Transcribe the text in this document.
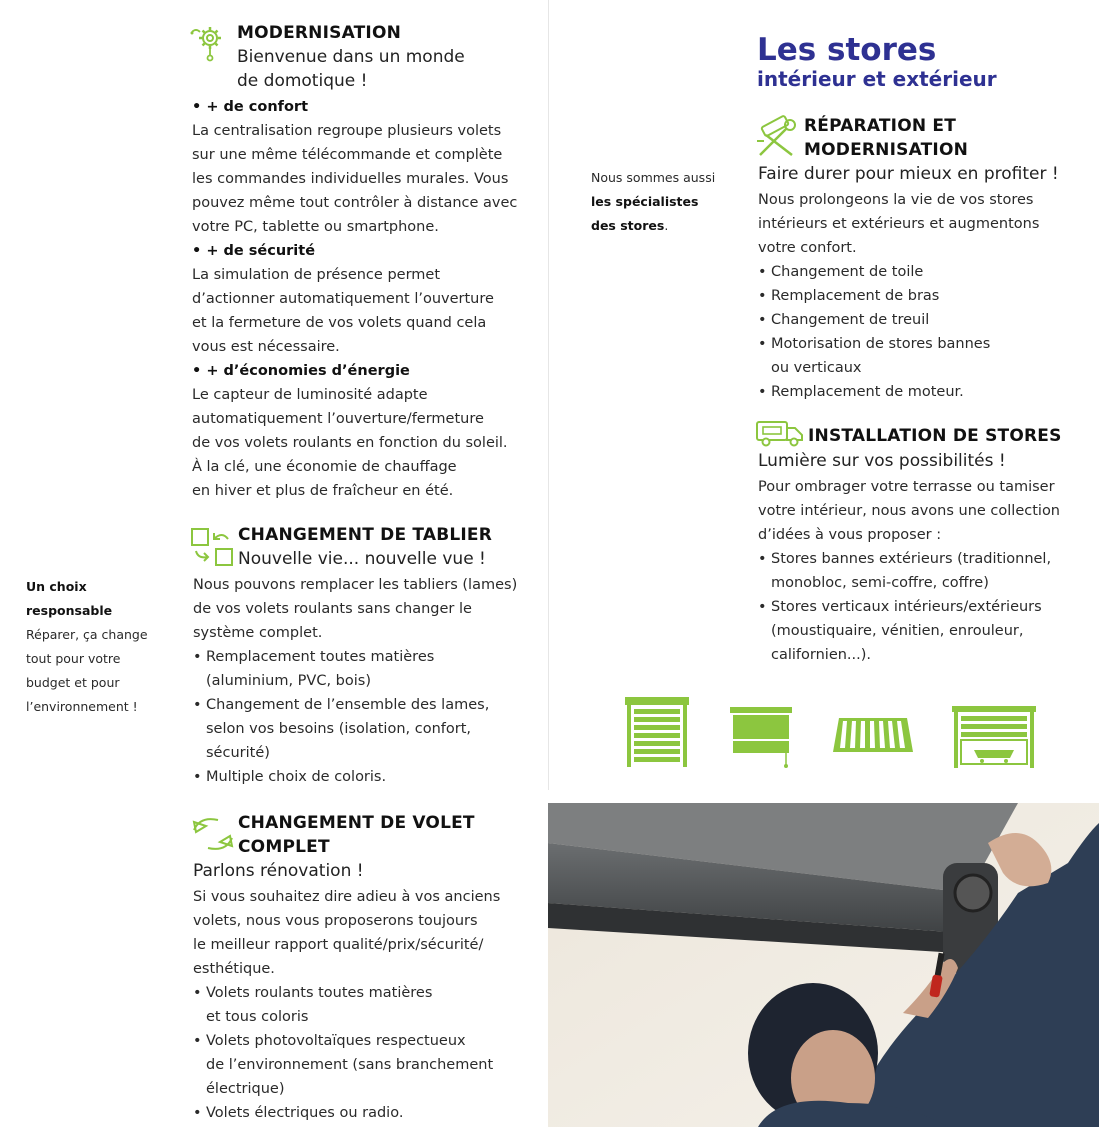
MODERNISATION
Bienvenue dans un monde
de domotique !
• + de confort
La centralisation regroupe plusieurs volets
sur une même télécommande et complète
les commandes individuelles murales. Vous
pouvez même tout contrôler à distance avec
votre PC, tablette ou smartphone.
• + de sécurité
La simulation de présence permet
d’actionner automatiquement l’ouverture
et la fermeture de vos volets quand cela
vous est nécessaire.
• + d’économies d’énergie
Le capteur de luminosité adapte
automatiquement l’ouverture/fermeture
de vos volets roulants en fonction du soleil.
À la clé, une économie de chauffage
en hiver et plus de fraîcheur en été.
CHANGEMENT DE TABLIER
Nouvelle vie... nouvelle vue !
Nous pouvons remplacer les tabliers (lames)
de vos volets roulants sans changer le
système complet.
• Remplacement toutes matières
(aluminium, PVC, bois)
• Changement de l’ensemble des lames,
selon vos besoins (isolation, confort,
sécurité)
• Multiple choix de coloris.
CHANGEMENT DE VOLET
COMPLET
Parlons rénovation !
Si vous souhaitez dire adieu à vos anciens
volets, nous vous proposerons toujours
le meilleur rapport qualité/prix/sécurité/
esthétique.
• Volets roulants toutes matières
et tous coloris
• Volets photovoltaïques respectueux
de l’environnement (sans branchement
électrique)
• Volets électriques ou radio.
Un choix responsable
Réparer, ça change
tout pour votre
budget et pour
l’environnement !
Nous sommes aussi
les spécialistes
des stores.
Les stores
intérieur et extérieur
RÉPARATION ET
MODERNISATION
Faire durer pour mieux en profiter !
Nous prolongeons la vie de vos stores
intérieurs et extérieurs et augmentons
votre confort.
• Changement de toile
• Remplacement de bras
• Changement de treuil
• Motorisation de stores bannes
ou verticaux
• Remplacement de moteur.
INSTALLATION DE STORES
Lumière sur vos possibilités !
Pour ombrager votre terrasse ou tamiser
votre intérieur, nous avons une collection
d’idées à vous proposer :
• Stores bannes extérieurs (traditionnel,
monobloc, semi-coffre, coffre)
• Stores verticaux intérieurs/extérieurs
(moustiquaire, vénitien, enrouleur,
californien...).
